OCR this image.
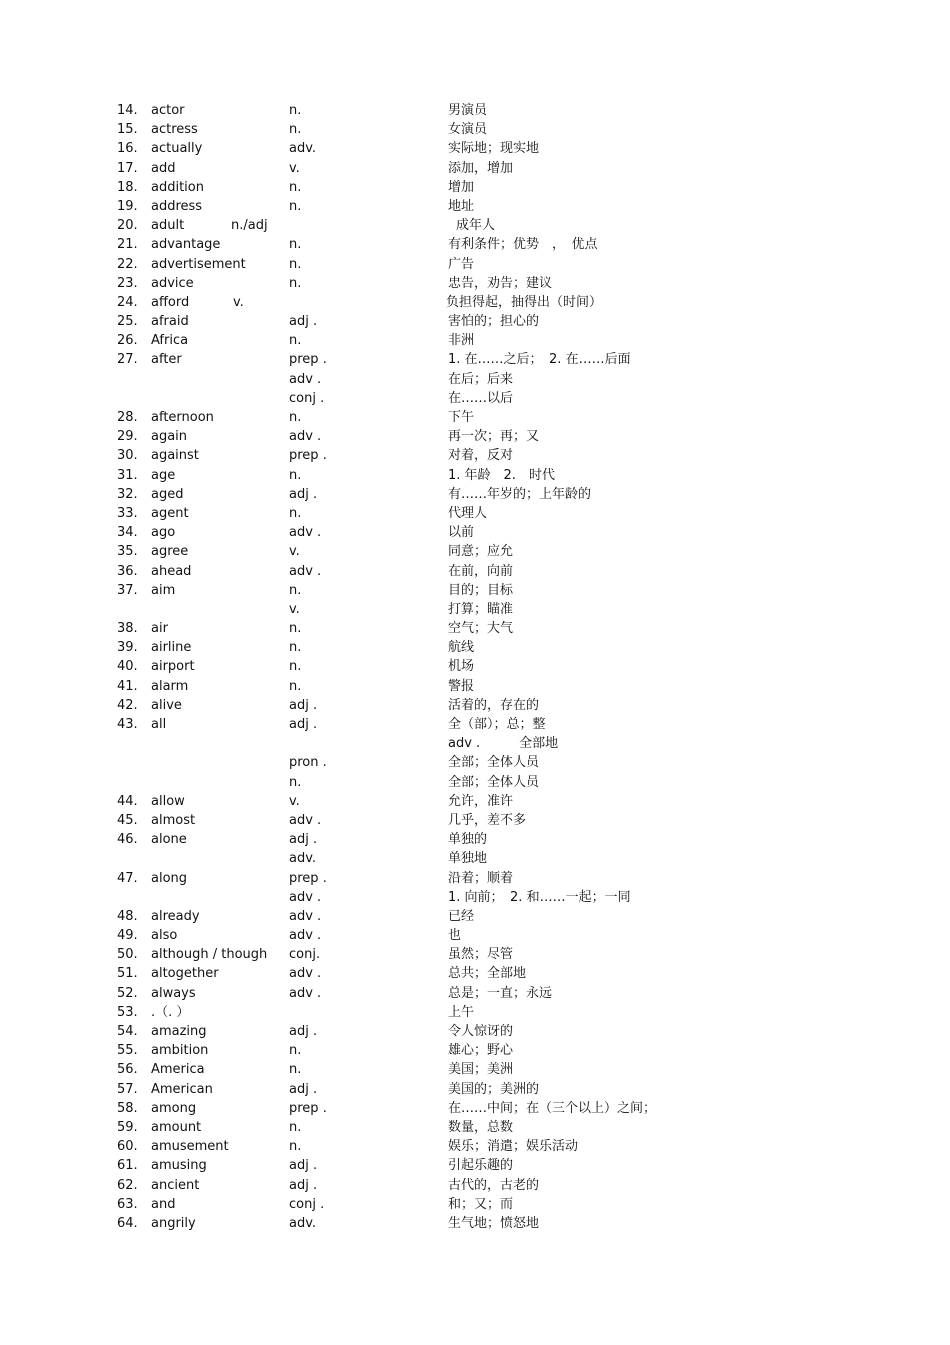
14. actor	n.	男演员
15. actress	n.	女演员
16. actually	adv.	实际地；现实地
17. add	v.	添加，增加
18. addition	n.	增加
19. address	n.	地址
20. adult	n./adj	成年人
21. advantage	n.	有利条件；优势　，　优点
22. advertisement	n.	广告
23. advice	n.	忠告，劝告；建议
24. afford	v.	负担得起，抽得出（时间）
25. afraid	adj .	害怕的；担心的
26. Africa	n.	非洲
27. after	prep .	1. 在……之后；　2. 在……后面
adv .	在后；后来
conj .	在……以后
28. afternoon	n.	下午
29. again	adv .	再一次；再；又
30. against	prep .	对着，反对
31. age	n.	1. 年龄　2.　时代
32. aged	adj .	有……年岁的；上年龄的
33. agent	n.	代理人
34. ago	adv .	以前
35. agree	v.	同意；应允
36. ahead	adv .	在前，向前
37. aim	n.	目的；目标
v.	打算；瞄准
38. air	n.	空气；大气
39. airline	n.	航线
40. airport	n.	机场
41. alarm	n.	警报
42. alive	adj .	活着的，存在的
43. all	adj .	全（部）；总；整
adv .　　　全部地
pron .	全部；全体人员
n.	全部；全体人员
44. allow	v.	允许，准许
45. almost	adv .	几乎，差不多
46. alone	adj .	单独的
adv.	单独地
47. along	prep .	沿着；顺着
adv .	1. 向前；　2. 和……一起；一同
48. already	adv .	已经
49. also	adv .	也
50. although / though conj.	虽然；尽管
51. altogether	adv .	总共；全部地
52. always	adv .	总是；一直；永远
53. .（. ）	上午
54. amazing	adj .	令人惊讶的
55. ambition	n.	雄心；野心
56. America	n.	美国；美洲
57. American	adj .	美国的；美洲的
58. among	prep .	在……中间；在（三个以上）之间；
59. amount	n.	数量，总数
60. amusement	n.	娱乐；消遣；娱乐活动
61. amusing	adj .	引起乐趣的
62. ancient	adj .	古代的，古老的
63. and	conj .	和；又；而
64. angrily	adv.	生气地；愤怒地
